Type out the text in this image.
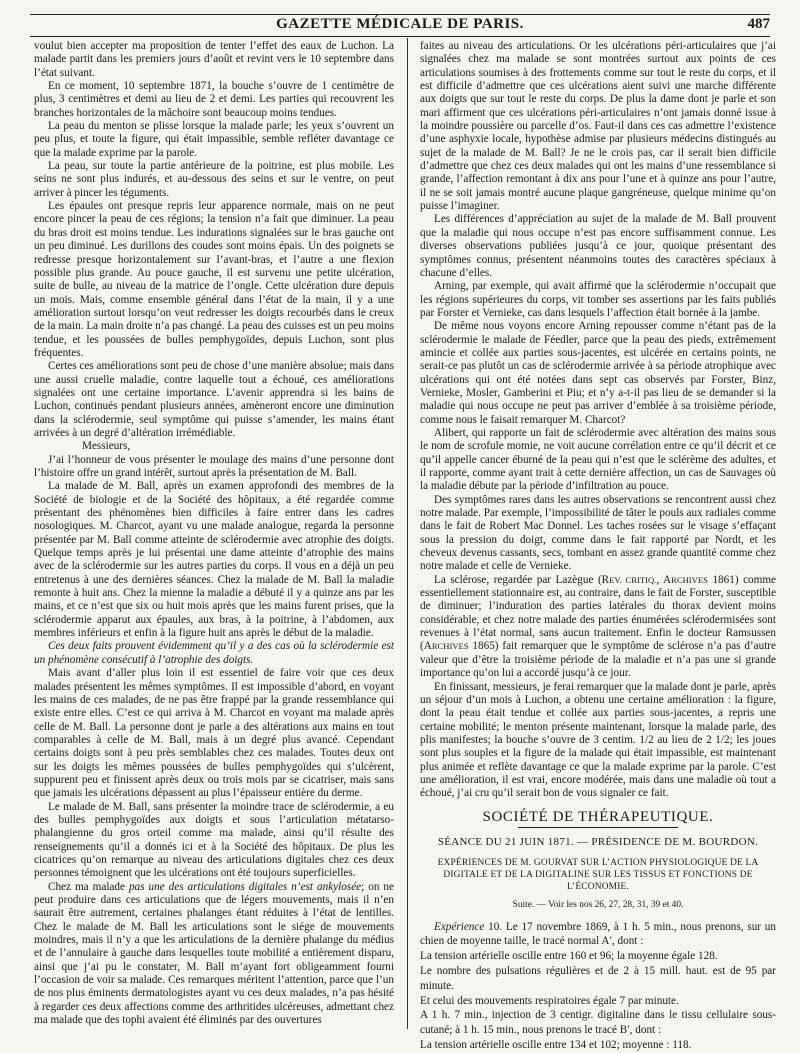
GAZETTE MÉDICALE DE PARIS.	487

voulut bien accepter ma proposition de tenter l’effet des eaux de Luchon. La malade partit dans les premiers jours d’août et revint vers le 10 septembre dans l’état suivant.

En ce moment, 10 septembre 1871, la bouche s’ouvre de 1 centimètre de plus, 3 centimètres et demi au lieu de 2 et demi. Les parties qui recouvrent les branches horizontales de la mâchoire sont beaucoup moins tendues.

La peau du menton se plisse lorsque la malade parle; les yeux s’ouvrent un peu plus, et toute la figure, qui était impassible, semble refléter davantage ce que la malade exprime par la parole.

La peau, sur toute la partie antérieure de la poitrine, est plus mobile. Les seins ne sont plus indurés, et au-dessous des seins et sur le ventre, on peut arriver à pincer les téguments.

Les épaules ont presque repris leur apparence normale, mais on ne peut encore pincer la peau de ces régions; la tension n’a fait que diminuer. La peau du bras droit est moins tendue. Les indurations signalées sur le bras gauche ont un peu diminué. Les durillons des coudes sont moins épais. Un des poignets se redresse presque horizontalement sur l’avant-bras, et l’autre a une flexion possible plus grande. Au pouce gauche, il est survenu une petite ulcération, suite de bulle, au niveau de la matrice de l’ongle. Cette ulcération dure depuis un mois. Mais, comme ensemble général dans l’état de la main, il y a une amélioration surtout lorsqu’on veut redresser les doigts recourbés dans le creux de la main. La main droite n’a pas changé. La peau des cuisses est un peu moins tendue, et les poussées de bulles pemphygoïdes, depuis Luchon, sont plus fréquentes.

Certes ces améliorations sont peu de chose d’une manière absolue; mais dans une aussi cruelle maladie, contre laquelle tout a échoué, ces améliorations signalées ont une certaine importance. L’avenir apprendra si les bains de Luchon, continués pendant plusieurs années, amèneront encore une diminution dans la sclérodermie, seul symptôme qui puisse s’amender, les mains étant arrivées à un degré d’altération irrémédiable.

Messieurs,

J’ai l’honneur de vous présenter le moulage des mains d’une personne dont l’histoire offre un grand intérêt, surtout après la présentation de M. Ball.

La malade de M. Ball, après un examen approfondi des membres de la Société de biologie et de la Société des hôpitaux, a été regardée comme présentant des phénomènes bien difficiles à faire entrer dans les cadres nosologiques. M. Charcot, ayant vu une malade analogue, regarda la personne présentée par M. Ball comme atteinte de sclérodermie avec atrophie des doigts. Quelque temps après je lui présentai une dame atteinte d’atrophie des mains avec de la sclérodermie sur les autres parties du corps. Il vous en a déjà un peu entretenus à une des dernières séances. Chez la malade de M. Ball la maladie remonte à huit ans. Chez la mienne la maladie a débuté il y a quinze ans par les mains, et ce n’est que six ou huit mois après que les mains furent prises, que la sclérodermie apparut aux épaules, aux bras, à la poitrine, à l’abdomen, aux membres inférieurs et enfin à la figure huit ans après le début de la maladie.

Ces deux faits prouvent évidemment qu’il y a des cas où la sclérodermie est un phénomène consécutif à l’atrophie des doigts.

Mais avant d’aller plus loin il est essentiel de faire voir que ces deux malades présentent les mêmes symptômes. Il est impossible d’abord, en voyant les mains de ces malades, de ne pas être frappé par la grande ressemblance qui existe entre elles. C’est ce qui arriva à M. Charcot en voyant ma malade après celle de M. Ball. La personne dont je parle a des altérations aux mains en tout comparables à celle de M. Ball, mais à un degré plus avancé. Cependant certains doigts sont à peu près semblables chez ces malades. Toutes deux ont sur les doigts les mêmes poussées de bulles pemphygoïdes qui s’ulcèrent, suppurent peu et finissent après deux ou trois mois par se cicatriser, mais sans que jamais les ulcérations dépassent au plus l’épaisseur entière du derme.

Le malade de M. Ball, sans présenter la moindre trace de sclérodermie, a eu des bulles pemphygoïdes aux doigts et sous l’articulation métatarso-phalangienne du gros orteil comme ma malade, ainsi qu’il résulte des renseignements qu’il a donnés ici et à la Société des hôpitaux. De plus les cicatrices qu’on remarque au niveau des articulations digitales chez ces deux personnes témoignent que les ulcérations ont été toujours superficielles.

Chez ma malade pas une des articulations digitales n’est ankylosée; on ne peut produire dans ces articulations que de légers mouvements, mais il n’en saurait être autrement, certaines phalanges étant réduites à l’état de lentilles. Chez le malade de M. Ball les articulations sont le siége de mouvements moindres, mais il n’y a que les articulations de la dernière phalange du médius et de l’annulaire à gauche dans lesquelles toute mobilité a entièrement disparu, ainsi que j’ai pu le constater, M. Ball m’ayant fort obligeamment fourni l’occasion de voir sa malade. Ces remarques méritent l’attention, parce que l’un de nos plus éminents dermatologistes ayant vu ces deux malades, n’a pas hésité à regarder ces deux affections comme des arthritides ulcéreuses, admettant chez ma malade que des tophi avaient été éliminés par des ouvertures

faites au niveau des articulations. Or les ulcérations péri-articulaires que j’ai signalées chez ma malade se sont montrées surtout aux points de ces articulations soumises à des frottements comme sur tout le reste du corps, et il est difficile d’admettre que ces ulcérations aient suivi une marche différente aux doigts que sur tout le reste du corps. De plus la dame dont je parle et son mari affirment que ces ulcérations péri-articulaires n’ont jamais donné issue à la moindre poussière ou parcelle d’os. Faut-il dans ces cas admettre l’existence d’une asphyxie locale, hypothèse admise par plusieurs médecins distingués au sujet de la malade de M. Ball? Je ne le crois pas, car il serait bien difficile d’admettre que chez ces deux malades qui ont les mains d’une ressemblance si grande, l’affection remontant à dix ans pour l’une et à quinze ans pour l’autre, il ne se soit jamais montré aucune plaque gangréneuse, quelque minime qu’on puisse l’imaginer.

Les différences d’appréciation au sujet de la malade de M. Ball prouvent que la maladie qui nous occupe n’est pas encore suffisamment connue. Les diverses observations publiées jusqu’à ce jour, quoique présentant des symptômes connus, présentent néanmoins toutes des caractères spéciaux à chacune d’elles.

Arning, par exemple, qui avait affirmé que la sclérodermie n’occupait que les régions supérieures du corps, vit tomber ses assertions par les faits publiés par Forster et Vernieke, cas dans lesquels l’affection était bornée à la jambe.

De même nous voyons encore Arning repousser comme n’étant pas de la sclérodermie le malade de Féedler, parce que la peau des pieds, extrêmement amincie et collée aux parties sous-jacentes, est ulcérée en certains points, ne serait-ce pas plutôt un cas de sclérodermie arrivée à sa période atrophique avec ulcérations qui ont été notées dans sept cas observés par Forster, Binz, Vernieke, Mosler, Gamberini et Piu; et n’y a-t-il pas lieu de se demander si la maladie qui nous occupe ne peut pas arriver d’emblée à sa troisième période, comme nous le faisait remarquer M. Charcot?

Alibert, qui rapporte un fait de sclérodermie avec altération des mains sous le nom de scrofule momie, ne voit aucune corrélation entre ce qu’il décrit et ce qu’il appelle cancer éburné de la peau qui n’est que le sclérème des adultes, et il rapporte, comme ayant trait à cette dernière affection, un cas de Sauvages où la maladie débute par la période d’infiltration au pouce.

Des symptômes rares dans les autres observations se rencontrent aussi chez notre malade. Par exemple, l’impossibilité de tâter le pouls aux radiales comme dans le fait de Robert Mac Donnel. Les taches rosées sur le visage s’effaçant sous la pression du doigt, comme dans le fait rapporté par Nordt, et les cheveux devenus cassants, secs, tombant en assez grande quantité comme chez notre malade et celle de Vernieke.

La sclérose, regardée par Lazègue (REV. CRITIQ., ARCHIVES 1861) comme essentiellement stationnaire est, au contraire, dans le fait de Forster, susceptible de diminuer; l’induration des parties latérales du thorax devient moins considérable, et chez notre malade des parties énumérées sclérodermisées sont revenues à l’état normal, sans aucun traitement. Enfin le docteur Ramsussen (ARCHIVES 1865) fait remarquer que le symptôme de sclérose n’a pas d’autre valeur que d’être la troisième période de la maladie et n’a pas une si grande importance qu’on lui a accordé jusqu’à ce jour.

En finissant, messieurs, je ferai remarquer que la malade dont je parle, après un séjour d’un mois à Luchon, a obtenu une certaine amélioration : la figure, dont la peau était tendue et collée aux parties sous-jacentes, a repris une certaine mobilité; le menton présente maintenant, lorsque la malade parle, des plis manifestes; la bouche s’ouvre de 3 centim. 1/2 au lieu de 2 1/2; les joues sont plus souples et la figure de la malade qui était impassible, est maintenant plus animée et reflète davantage ce que la malade exprime par la parole. C’est une amélioration, il est vrai, encore modérée, mais dans une maladie où tout a échoué, j’ai cru qu’il serait bon de vous signaler ce fait.

SOCIÉTÉ DE THÉRAPEUTIQUE.
SÉANCE DU 21 JUIN 1871. — PRÉSIDENCE DE M. BOURDON.
EXPÉRIENCES DE M. GOURVAT SUR L’ACTION PHYSIOLOGIQUE DE LA DIGITALE ET DE LA DIGITALINE SUR LES TISSUS ET FONCTIONS DE L’ÉCONOMIE.
Suite. — Voir les nos 26, 27, 28, 31, 39 et 40.

Expérience 10. Le 17 novembre 1869, à 1 h. 5 min., nous prenons, sur un chien de moyenne taille, le tracé normal A′, dont :

La tension artérielle oscille entre 160 et 96; la moyenne égale 128.

Le nombre des pulsations régulières et de 2 à 15 mill. haut. est de 95 par minute.

Et celui des mouvements respiratoires égale 7 par minute.

A 1 h. 7 min., injection de 3 centigr. digitaline dans le tissu cellulaire sous-cutané; à 1 h. 15 min., nous prenons le tracé B′, dont :

La tension artérielle oscille entre 134 et 102; moyenne : 118.
